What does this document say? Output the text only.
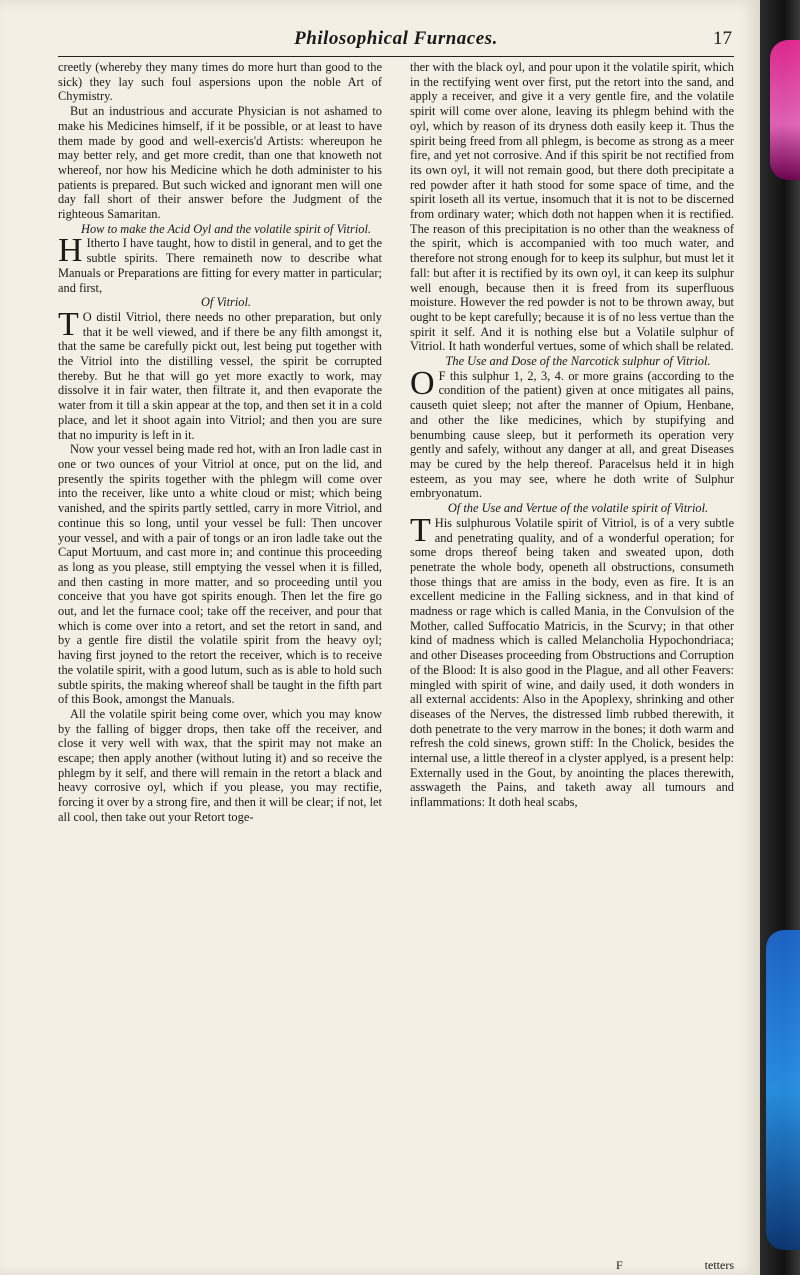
Philosophical Furnaces.	17

creetly (whereby they many times do more hurt than good to the sick) they lay such foul aspersions upon the noble Art of Chymistry.

But an industrious and accurate Physician is not ashamed to make his Medicines himself, if it be possible, or at least to have them made by good and well-exercis'd Artists: whereupon he may better rely, and get more credit, than one that knoweth not whereof, nor how his Medicine which he doth administer to his patients is prepared. But such wicked and ignorant men will one day fall short of their answer before the Judgment of the righteous Samaritan.

How to make the Acid Oyl and the volatile spirit of Vitriol.

H Itherto I have taught, how to distil in general, and to get the subtle spirits. There remaineth now to describe what Manuals or Preparations are fitting for every matter in particular; and first,

Of Vitriol.

T O distil Vitriol, there needs no other preparation, but only that it be well viewed, and if there be any filth amongst it, that the same be carefully pickt out, lest being put together with the Vitriol into the distilling vessel, the spirit be corrupted thereby. But he that will go yet more exactly to work, may dissolve it in fair water, then filtrate it, and then evaporate the water from it till a skin appear at the top, and then set it in a cold place, and let it shoot again into Vitriol; and then you are sure that no impurity is left in it.

Now your vessel being made red hot, with an Iron ladle cast in one or two ounces of your Vitriol at once, put on the lid, and presently the spirits together with the phlegm will come over into the receiver, like unto a white cloud or mist; which being vanished, and the spirits partly settled, carry in more Vitriol, and continue this so long, until your vessel be full: Then uncover your vessel, and with a pair of tongs or an iron ladle take out the Caput Mortuum, and cast more in; and continue this proceeding as long as you please, still emptying the vessel when it is filled, and then casting in more matter, and so proceeding until you conceive that you have got spirits enough. Then let the fire go out, and let the furnace cool; take off the receiver, and pour that which is come over into a retort, and set the retort in sand, and by a gentle fire distil the volatile spirit from the heavy oyl; having first joyned to the retort the receiver, which is to receive the volatile spirit, with a good lutum, such as is able to hold such subtle spirits, the making whereof shall be taught in the fifth part of this Book, amongst the Manuals.

All the volatile spirit being come over, which you may know by the falling of bigger drops, then take off the receiver, and close it very well with wax, that the spirit may not make an escape; then apply another (without luting it) and so receive the phlegm by it self, and there will remain in the retort a black and heavy corrosive oyl, which if you please, you may rectifie, forcing it over by a strong fire, and then it will be clear; if not, let all cool, then take out your Retort toge-

ther with the black oyl, and pour upon it the volatile spirit, which in the rectifying went over first, put the retort into the sand, and apply a receiver, and give it a very gentle fire, and the volatile spirit will come over alone, leaving its phlegm behind with the oyl, which by reason of its dryness doth easily keep it. Thus the spirit being freed from all phlegm, is become as strong as a meer fire, and yet not corrosive. And if this spirit be not rectified from its own oyl, it will not remain good, but there doth precipitate a red powder after it hath stood for some space of time, and the spirit loseth all its vertue, insomuch that it is not to be discerned from ordinary water; which doth not happen when it is rectified. The reason of this precipitation is no other than the weakness of the spirit, which is accompanied with too much water, and therefore not strong enough for to keep its sulphur, but must let it fall: but after it is rectified by its own oyl, it can keep its sulphur well enough, because then it is freed from its superfluous moisture. However the red powder is not to be thrown away, but ought to be kept carefully; because it is of no less vertue than the spirit it self. And it is nothing else but a Volatile sulphur of Vitriol. It hath wonderful vertues, some of which shall be related.

The Use and Dose of the Narcotick sulphur of Vitriol.

O F this sulphur 1, 2, 3, 4. or more grains (according to the condition of the patient) given at once mitigates all pains, causeth quiet sleep; not after the manner of Opium, Henbane, and other the like medicines, which by stupifying and benumbing cause sleep, but it performeth its operation very gently and safely, without any danger at all, and great Diseases may be cured by the help thereof. Paracelsus held it in high esteem, as you may see, where he doth write of Sulphur embryonatum.

Of the Use and Vertue of the volatile spirit of Vitriol.

T His sulphurous Volatile spirit of Vitriol, is of a very subtle and penetrating quality, and of a wonderful operation; for some drops thereof being taken and sweated upon, doth penetrate the whole body, openeth all obstructions, consumeth those things that are amiss in the body, even as fire. It is an excellent medicine in the Falling sickness, and in that kind of madness or rage which is called Mania, in the Convulsion of the Mother, called Suffocatio Matricis, in the Scurvy; in that other kind of madness which is called Melancholia Hypochondriaca; and other Diseases proceeding from Obstructions and Corruption of the Blood: It is also good in the Plague, and all other Feavers: mingled with spirit of wine, and daily used, it doth wonders in all external accidents: Also in the Apoplexy, shrinking and other diseases of the Nerves, the distressed limb rubbed therewith, it doth penetrate to the very marrow in the bones; it doth warm and refresh the cold sinews, grown stiff: In the Cholick, besides the internal use, a little thereof in a clyster applyed, is a present help: Externally used in the Gout, by anointing the places therewith, asswageth the Pains, and taketh away all tumours and inflammations: It doth heal scabs,

F	tetters
